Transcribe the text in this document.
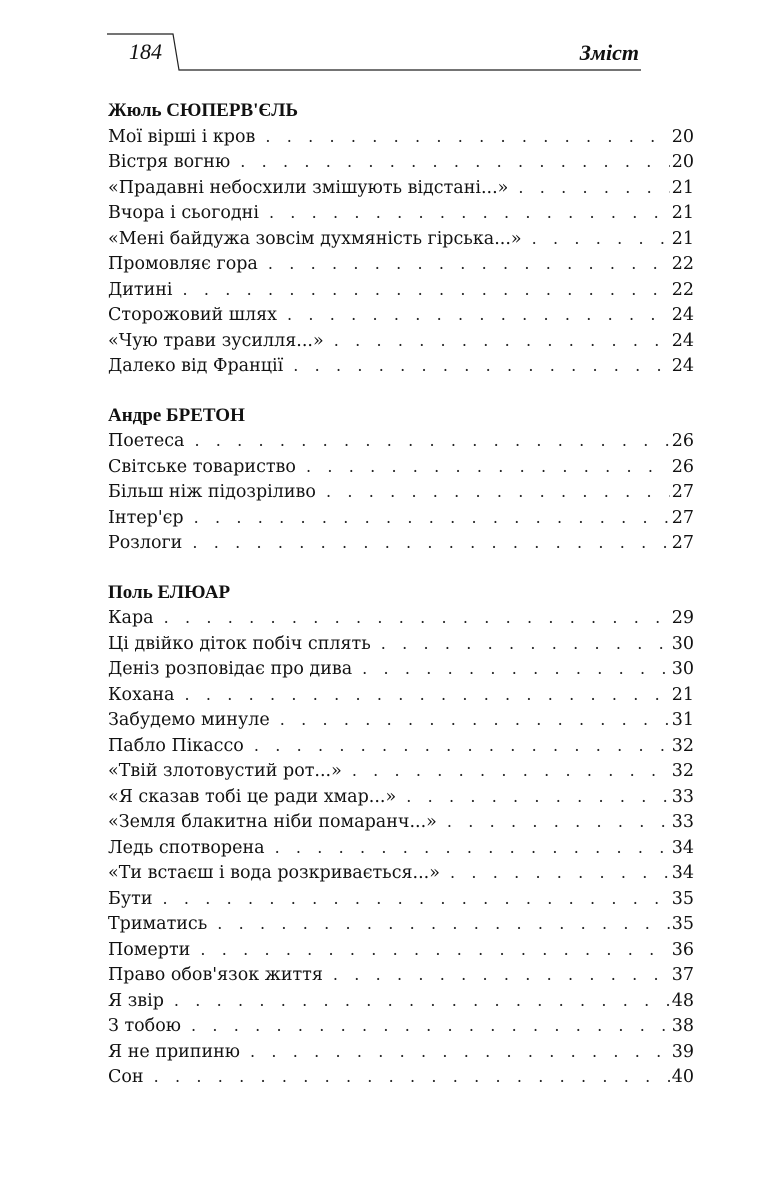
184	Зміст
Жюль СЮПЕРВ'ЄЛЬ
Мої вірші і кров . . .	20
Вістря вогню . . .	20
«Прадавні небосхили змішують відстані...» . . .	21
Вчора і сьогодні . . .	21
«Мені байдужа зовсім духмяність гірська...» . . .	21
Промовляє гора . . .	22
Дитині . . .	22
Сторожовий шлях . . .	24
«Чую трави зусилля...» . . .	24
Далеко від Франції . . .	24
Андре БРЕТОН
Поетеса . . .	26
Світське товариство . . .	26
Більш ніж підозріливо . . .	27
Інтер'єр . . .	27
Розлоги . . .	27
Поль ЕЛЮАР
Кара . . .	29
Ці двійко діток побіч сплять . . .	30
Деніз розповідає про дива . . .	30
Кохана . . .	21
Забудемо минуле . . .	31
Пабло Пікассо . . .	32
«Твій злотовустий рот...» . . .	32
«Я сказав тобі це ради хмар...» . . .	33
«Земля блакитна ніби помаранч...» . . .	33
Ледь спотворена . . .	34
«Ти встаєш і вода розкривається...» . . .	34
Бути . . .	35
Триматись . . .	35
Померти . . .	36
Право обов'язок життя . . .	37
Я звір . . .	48
З тобою . . .	38
Я не припиню . . .	39
Сон . . .	40
